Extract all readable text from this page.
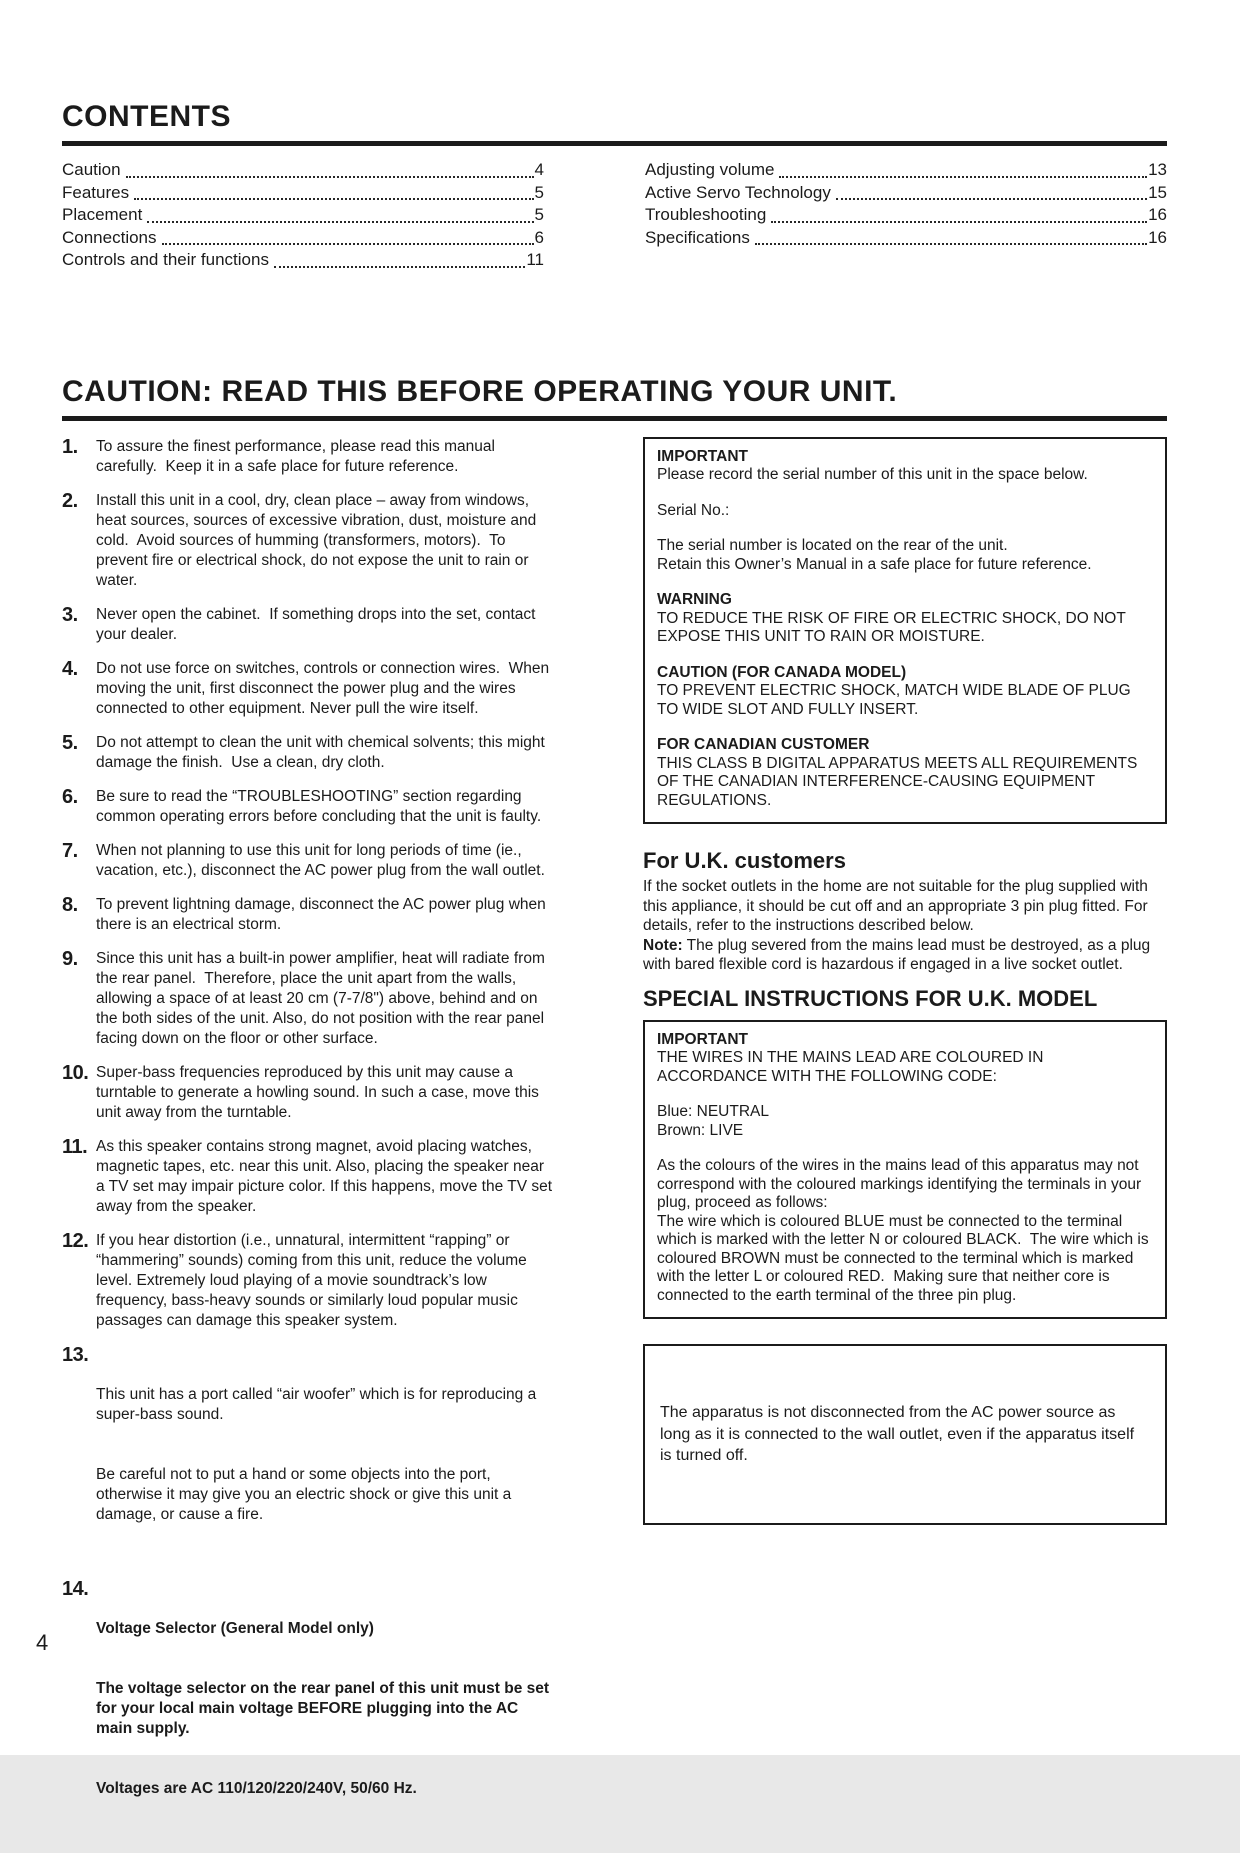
CONTENTS
Caution	4
Features	5
Placement	5
Connections	6
Controls and their functions	11
Adjusting volume	13
Active Servo Technology	15
Troubleshooting	16
Specifications	16
CAUTION: READ THIS BEFORE OPERATING YOUR UNIT.
1.	To assure the finest performance, please read this manual carefully.  Keep it in a safe place for future reference.

2.	Install this unit in a cool, dry, clean place – away from windows, heat sources, sources of excessive vibration, dust, moisture and cold.  Avoid sources of humming (transformers, motors).  To prevent fire or electrical shock, do not expose the unit to rain or water.

3.	Never open the cabinet.  If something drops into the set, contact your dealer.

4.	Do not use force on switches, controls or connection wires.  When moving the unit, first disconnect the power plug and the wires connected to other equipment. Never pull the wire itself.

5.	Do not attempt to clean the unit with chemical solvents; this might damage the finish.  Use a clean, dry cloth.

6.	Be sure to read the “TROUBLESHOOTING” section regarding common operating errors before concluding that the unit is faulty.

7.	When not planning to use this unit for long periods of time (ie., vacation, etc.), disconnect the AC power plug from the wall outlet.

8.	To prevent lightning damage, disconnect the AC power plug when there is an electrical storm.

9.	Since this unit has a built-in power amplifier, heat will radiate from the rear panel.  Therefore, place the unit apart from the walls, allowing a space of at least 20 cm (7-7/8") above, behind and on the both sides of the unit. Also, do not position with the rear panel facing down on the floor or other surface.

10. Super-bass frequencies reproduced by this unit may cause a turntable to generate a howling sound. In such a case, move this unit away from the turntable.

11. As this speaker contains strong magnet, avoid placing watches, magnetic tapes, etc. near this unit. Also, placing the speaker near a TV set may impair picture color. If this happens, move the TV set away from the speaker.

12. If you hear distortion (i.e., unnatural, intermittent “rapping” or “hammering” sounds) coming from this unit, reduce the volume level. Extremely loud playing of a movie soundtrack’s low frequency, bass-heavy sounds or similarly loud popular music passages can damage this speaker system.

13.

This unit has a port called “air woofer” which is for reproducing a super-bass sound.

Be careful not to put a hand or some objects into the port, otherwise it may give you an electric shock or give this unit a damage, or cause a fire.

14.

Voltage Selector (General Model only)

The voltage selector on the rear panel of this unit must be set for your local main voltage BEFORE plugging into the AC main supply.

Voltages are AC 110/120/220/240V, 50/60 Hz.

IMPORTANT

Please record the serial number of this unit in the space below.

Serial No.:

The serial number is located on the rear of the unit.

Retain this Owner’s Manual in a safe place for future reference.

WARNING

TO REDUCE THE RISK OF FIRE OR ELECTRIC SHOCK, DO NOT EXPOSE THIS UNIT TO RAIN OR MOISTURE.

CAUTION (FOR CANADA MODEL)

TO PREVENT ELECTRIC SHOCK, MATCH WIDE BLADE OF PLUG TO WIDE SLOT AND FULLY INSERT.

FOR CANADIAN CUSTOMER

THIS CLASS B DIGITAL APPARATUS MEETS ALL REQUIREMENTS OF THE CANADIAN INTERFERENCE-CAUSING EQUIPMENT REGULATIONS.

For U.K. customers

If the socket outlets in the home are not suitable for the plug supplied with this appliance, it should be cut off and an appropriate 3 pin plug fitted. For details, refer to the instructions described below.

Note: The plug severed from the mains lead must be destroyed, as a plug with bared flexible cord is hazardous if engaged in a live socket outlet.

SPECIAL INSTRUCTIONS FOR U.K. MODEL

IMPORTANT

THE WIRES IN THE MAINS LEAD ARE COLOURED IN ACCORDANCE WITH THE FOLLOWING CODE:

Blue: NEUTRAL

Brown: LIVE

As the colours of the wires in the mains lead of this apparatus may not correspond with the coloured markings identifying the terminals in your plug, proceed as follows:

The wire which is coloured BLUE must be connected to the terminal which is marked with the letter N or coloured BLACK.  The wire which is coloured BROWN must be connected to the terminal which is marked with the letter L or coloured RED.  Making sure that neither core is connected to the earth terminal of the three pin plug.

The apparatus is not disconnected from the AC power source as long as it is connected to the wall outlet, even if the apparatus itself is turned off.

4
